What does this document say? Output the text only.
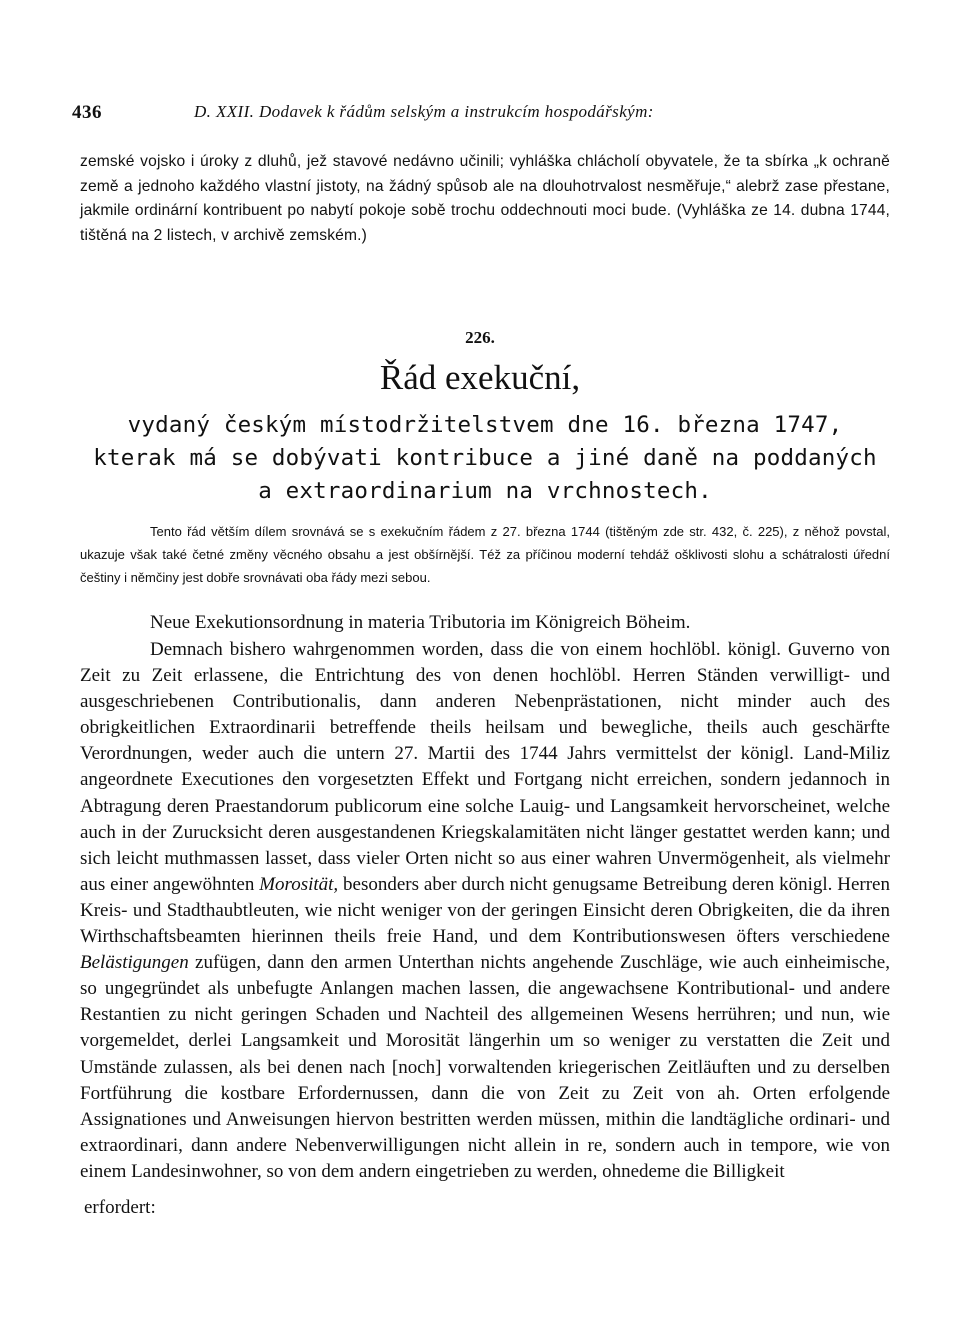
436	D. XXII. Dodavek k řádům selským a instrukcím hospodářským:

zemské vojsko i úroky z dluhů, jež stavové nedávno učinili; vyhláška chlácholí obyvatele, že ta sbírka „k ochraně země a jednoho každého vlastní jistoty, na žádný spůsob ale na dlouhotrvalost nesměřuje,“ alebrž zase přestane, jakmile ordinární kontribuent po nabytí pokoje sobě trochu oddechnouti moci bude. (Vyhláška ze 14. dubna 1744, tištěná na 2 listech, v archivě zemském.)

226.
Řád exekuční,
vydaný českým místodržitelstvem dne 16. března 1747, kterak má se dobývati kontribuce a jiné daně na poddaných a extraordinarium na vrchnostech.

Tento řád větším dílem srovnává se s exekučním řádem z 27. března 1744 (tištěným zde str. 432, č. 225), z něhož povstal, ukazuje však také četné změny věcného obsahu a jest obšírnější. Též za příčinou moderní tehdáž ošklivosti slohu a schátralosti úřední češtiny i němčiny jest dobře srovnávati oba řády mezi sebou.

Neue Exekutionsordnung in materia Tributoria im Königreich Böheim.

Demnach bishero wahrgenommen worden, dass die von einem hochlöbl. königl. Guverno von Zeit zu Zeit erlassene, die Entrichtung des von denen hochlöbl. Herren Ständen verwilligt- und ausgeschriebenen Contributionalis, dann anderen Nebenprästationen, nicht minder auch des obrigkeitlichen Extraordinarii betreffende theils heilsam und bewegliche, theils auch geschärfte Verordnungen, weder auch die untern 27. Martii des 1744 Jahrs vermittelst der königl. Land-Miliz angeordnete Executiones den vorgesetzten Effekt und Fortgang nicht erreichen, sondern jedannoch in Abtragung deren Praestandorum publicorum eine solche Lauig- und Langsamkeit hervorscheinet, welche auch in der Zurucksicht deren ausgestandenen Kriegskalamitäten nicht länger gestattet werden kann; und sich leicht muthmassen lasset, dass vieler Orten nicht so aus einer wahren Unvermögenheit, als vielmehr aus einer angewöhnten Morosität, besonders aber durch nicht genugsame Betreibung deren königl. Herren Kreis- und Stadthaubtleuten, wie nicht weniger von der geringen Einsicht deren Obrigkeiten, die da ihren Wirthschaftsbeamten hierinnen theils freie Hand, und dem Kontributionswesen öfters verschiedene Belästigungen zufügen, dann den armen Unterthan nichts angehende Zuschläge, wie auch einheimische, so ungegründet als unbefugte Anlangen machen lassen, die angewachsene Kontributional- und andere Restantien zu nicht geringen Schaden und Nachteil des allgemeinen Wesens herrühren; und nun, wie vorgemeldet, derlei Langsamkeit und Morosität längerhin um so weniger zu verstatten die Zeit und Umstände zulassen, als bei denen nach [noch] vorwaltenden kriegerischen Zeitläuften und zu derselben Fortführung die kostbare Erfordernussen, dann die von Zeit zu Zeit von ah. Orten erfolgende Assignationes und Anweisungen hiervon bestritten werden müssen, mithin die landtägliche ordinari- und extraordinari, dann andere Nebenverwilligungen nicht allein in re, sondern auch in tempore, wie von einem Landesinwohner, so von dem andern eingetrieben zu werden, ohnedeme die Billigkeit

erfordert:
